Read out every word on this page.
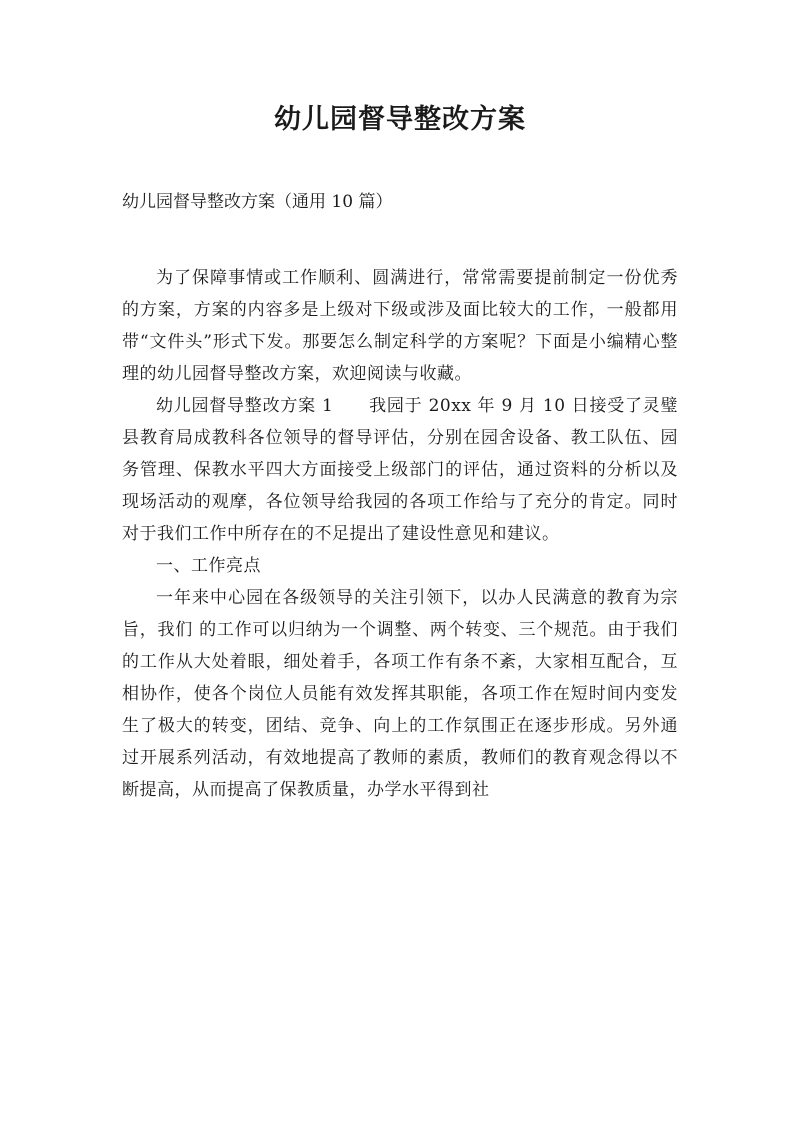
幼儿园督导整改方案

幼儿园督导整改方案（通用 10 篇）

为了保障事情或工作顺利、圆满进行，常常需要提前制定一份优秀的方案，方案的内容多是上级对下级或涉及面比较大的工作，一般都用带“文件头”形式下发。那要怎么制定科学的方案呢？下面是小编精心整理的幼儿园督导整改方案，欢迎阅读与收藏。

幼儿园督导整改方案 1　　我园于 20xx 年 9 月 10 日接受了灵璧县教育局成教科各位领导的督导评估，分别在园舍设备、教工队伍、园务管理、保教水平四大方面接受上级部门的评估，通过资料的分析以及现场活动的观摩，各位领导给我园的各项工作给与了充分的肯定。同时对于我们工作中所存在的不足提出了建设性意见和建议。

一、工作亮点

一年来中心园在各级领导的关注引领下，以办人民满意的教育为宗旨，我们 的工作可以归纳为一个调整、两个转变、三个规范。由于我们的工作从大处着眼，细处着手，各项工作有条不紊，大家相互配合，互相协作，使各个岗位人员能有效发挥其职能，各项工作在短时间内变发生了极大的转变，团结、竞争、向上的工作氛围正在逐步形成。另外通过开展系列活动，有效地提高了教师的素质，教师们的教育观念得以不断提高，从而提高了保教质量，办学水平得到社
